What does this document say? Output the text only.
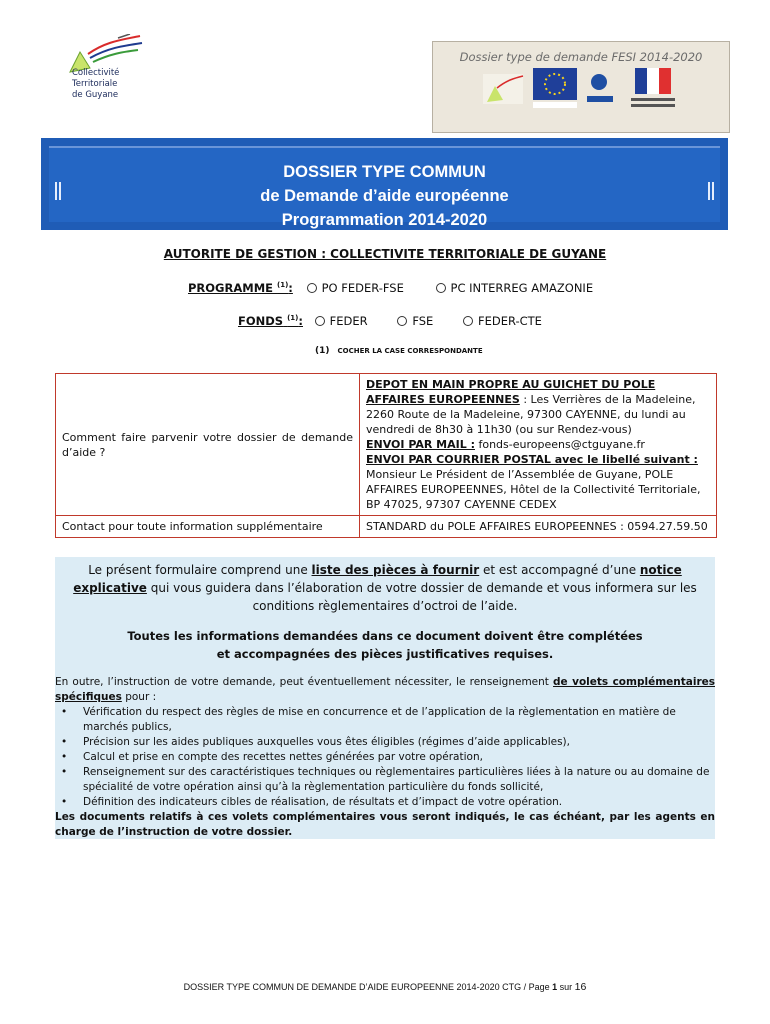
Collectivité
Territoriale
de Guyane
Dossier type de demande FESI 2014-2020
DOSSIER TYPE COMMUN
de Demande d’aide européenne
Programmation 2014-2020
AUTORITE DE GESTION : COLLECTIVITE TERRITORIALE DE GUYANE
PROGRAMME $^{(1)}$: PO FEDER-FSE	PC INTERREG AMAZONIE
FONDS $^{(1)}$: FEDER	FSE	FEDER-CTE
(1) COCHER LA CASE CORRESPONDANTE
Comment faire parvenir votre dossier de demande d’aide ?	DEPOT EN MAIN PROPRE AU GUICHET DU POLE AFFAIRES EUROPEENNES : Les Verrières de la Madeleine, 2260 Route de la Madeleine, 97300 CAYENNE, du lundi au vendredi de 8h30 à 11h30 (ou sur Rendez-vous)
ENVOI PAR MAIL : fonds-europeens@ctguyane.fr
ENVOI PAR COURRIER POSTAL avec le libellé suivant :
Monsieur Le Président de l’Assemblée de Guyane, POLE AFFAIRES EUROPEENNES, Hôtel de la Collectivité Territoriale, BP 47025, 97307 CAYENNE CEDEX
Contact pour toute information supplémentaire	STANDARD du POLE AFFAIRES EUROPEENNES : 0594.27.59.50
Le présent formulaire comprend une liste des pièces à fournir et est accompagné d’une notice explicative qui vous guidera dans l’élaboration de votre dossier de demande et vous informera sur les conditions règlementaires d’octroi de l’aide.
Toutes les informations demandées dans ce document doivent être complétées
et accompagnées des pièces justificatives requises.

En outre, l’instruction de votre demande, peut éventuellement nécessiter, le renseignement de volets complémentaires spécifiques pour :

• Vérification du respect des règles de mise en concurrence et de l’application de la règlementation en matière de marchés publics,
• Précision sur les aides publiques auxquelles vous êtes éligibles (régimes d’aide applicables),
• Calcul et prise en compte des recettes nettes générées par votre opération,
• Renseignement sur des caractéristiques techniques ou règlementaires particulières liées à la nature ou au domaine de spécialité de votre opération ainsi qu’à la règlementation particulière du fonds sollicité,
• Définition des indicateurs cibles de réalisation, de résultats et d’impact de votre opération.

Les documents relatifs à ces volets complémentaires vous seront indiqués, le cas échéant, par les agents en charge de l’instruction de votre dossier.

DOSSIER TYPE COMMUN DE DEMANDE D’AIDE EUROPEENNE 2014-2020 CTG / Page 1 sur 16
